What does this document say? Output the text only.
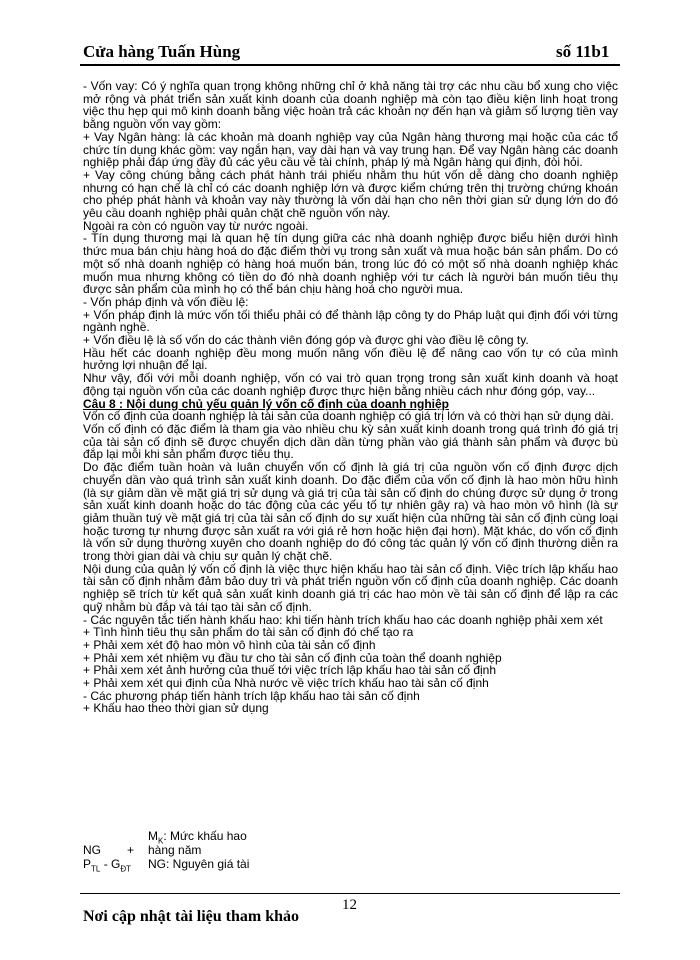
Cửa hàng Tuấn Hùng	số 11b1

- Vốn vay: Có ý nghĩa quan trọng không những chỉ ở khả năng tài trợ các nhu cầu bổ xung cho việc mở rộng và phát triển sản xuất kinh doanh của doanh nghiệp mà còn tạo điều kiện linh hoạt trong việc thu hẹp qui mô kinh doanh bằng việc hoàn trả các khoản nợ đến hạn và giảm số lượng tiền vay bằng nguồn vốn vay gồm:

+ Vay Ngân hàng: là các khoản mà doanh nghiệp vay của Ngân hàng thương mại hoặc của các tổ chức tín dụng khác gồm: vay ngắn hạn, vay dài hạn và vay trung hạn. Để vay Ngân hàng các doanh nghiệp phải đáp ứng đầy đủ các yêu cầu về tài chính, pháp lý mà Ngân hàng qui định, đòi hỏi.

+ Vay công chúng bằng cách phát hành trái phiếu nhằm thu hút vốn dễ dàng cho doanh nghiệp nhưng có hạn chế là chỉ có các doanh nghiệp lớn và được kiểm chứng trên thị trường chứng khoán cho phép phát hành và khoản vay này thường là vốn dài hạn cho nên thời gian sử dụng lớn do đó yêu cầu doanh nghiệp phải quản chặt chẽ nguồn vốn này.

Ngoài ra còn có nguồn vay từ nước ngoài.

- Tín dụng thương mại là quan hệ tín dụng giữa các nhà doanh nghiệp được biểu hiện dưới hình thức mua bán chịu hàng hoá do đặc điểm thời vụ trong sản xuất và mua hoặc bán sản phẩm. Do có một số nhà doanh nghiệp có hàng hoá muốn bán, trong lúc đó có một số nhà doanh nghiệp khác muốn mua nhưng không có tiền do đó nhà doanh nghiệp với tư cách là người bán muốn tiêu thụ được sản phẩm của mình họ có thể bán chịu hàng hoá cho người mua.

- Vốn pháp định và vốn điều lệ:

+ Vốn pháp định là mức vốn tối thiểu phải có để thành lập công ty do Pháp luật qui định đối với từng ngành nghề.

+ Vốn điều lệ là số vốn do các thành viên đóng góp và được ghi vào điều lệ công ty.

Hầu hết các doanh nghiệp đều mong muốn nâng vốn điều lệ để nâng cao vốn tự có của mình hưởng lợi nhuận để lại.

Như vậy, đối với mỗi doanh nghiệp, vốn có vai trò quan trọng trong sản xuất kinh doanh và hoạt động tại nguồn vốn của các doanh nghiệp được thực hiện bằng nhiều cách như đóng góp, vay...

Câu 8 : Nội dung chủ yếu quản lý vốn cố định của doanh nghiệp

Vốn cố định của doanh nghiệp là tài sản của doanh nghiệp có giá trị lớn và có thời hạn sử dụng dài.

Vốn cố định có đặc điểm là tham gia vào nhiều chu kỳ sản xuất kinh doanh trong quá trình đó giá trị của tài sản cố định sẽ được chuyển dịch dần dần từng phần vào giá thành sản phẩm và được bù đắp lại mỗi khi sản phẩm được tiêu thụ.

Do đặc điểm tuần hoàn và luân chuyển vốn cố định là giá trị của nguồn vốn cố định được dịch chuyển dần vào quá trình sản xuất kinh doanh. Do đặc điểm của vốn cố định là hao mòn hữu hình (là sự giảm dần về mặt giá trị sử dụng và giá trị của tài sản cố định do chúng được sử dụng ở trong sản xuất kinh doanh hoặc do tác động của các yếu tố tự nhiên gây ra) và hao mòn vô hình (là sự giảm thuần tuý về mặt giá trị của tài sản cố định do sự xuất hiện của những tài sản cố định cùng loại hoặc tương tự nhưng được sản xuất ra với giá rẻ hơn hoặc hiện đại hơn). Mặt khác, do vốn cố định là vốn sử dụng thường xuyên cho doanh nghiệp do đó công tác quản lý vốn cố định thường diễn ra trong thời gian dài và chịu sự quản lý chặt chẽ.

Nội dung của quản lý vốn cố định là việc thực hiện khấu hao tài sản cố định. Việc trích lập khấu hao tài sản cố định nhằm đảm bảo duy trì và phát triển nguồn vốn cố định của doanh nghiệp. Các doanh nghiệp sẽ trích từ kết quả sản xuất kinh doanh giá trị các hao mòn về tài sản cố định để lập ra các quỹ nhằm bù đắp và tái tạo tài sản cố định.

- Các nguyên tắc tiến hành khấu hao: khi tiến hành trích khấu hao các doanh nghiệp phải xem xét

+ Tình hình tiêu thụ sản phẩm do tài sản cố định đó chế tạo ra

+ Phải xem xét độ hao mòn vô hình của tài sản cố định

+ Phải xem xét nhiệm vụ đầu tư cho tài sản cố định của toàn thể doanh nghiệp

+ Phải xem xét ảnh hưởng của thuế tới việc trích lập khấu hao tài sản cố định

+ Phải xem xét qui định của Nhà nước về việc trích khấu hao tài sản cố định

- Các phương pháp tiến hành trích lập khấu hao tài sản cố định

+ Khấu hao theo thời gian sử dụng

$M_K$: Mức khấu hao
NG + hàng năm
$P_{TL} - G_{ĐT}$ NG: Nguyên giá tài
12
Nơi cập nhật tài liệu tham khảo
